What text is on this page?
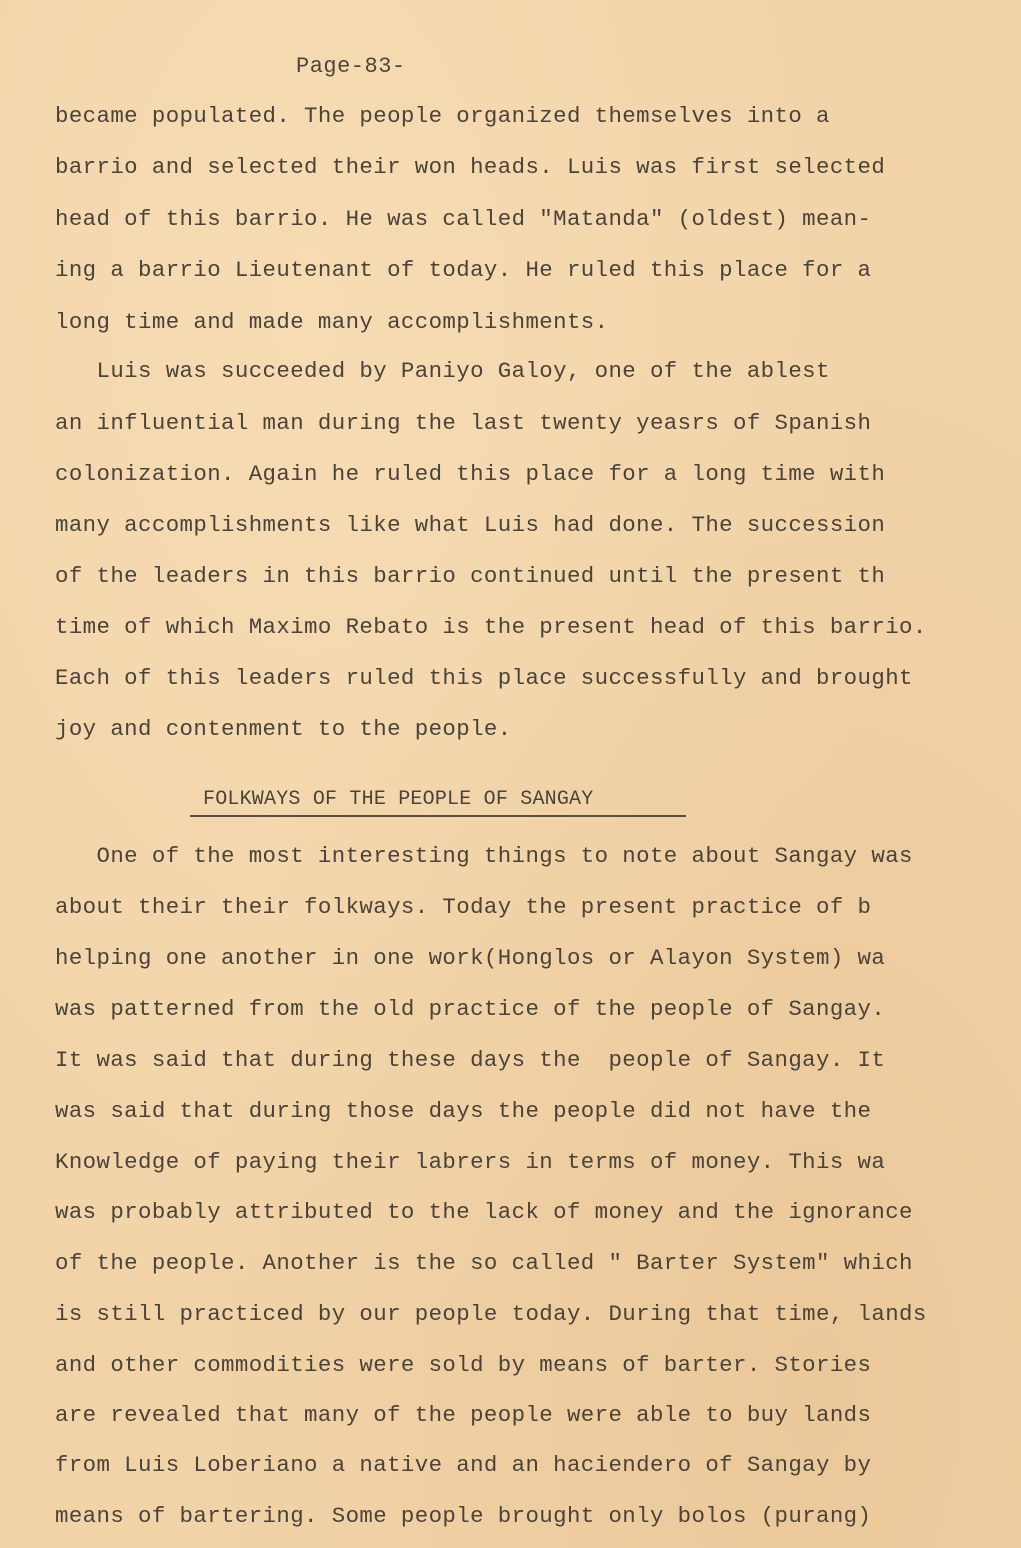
Page-83-
became populated. The people organized themselves into a
barrio and selected their won heads. Luis was first selected
head of this barrio. He was called "Matanda" (oldest) mean-
ing a barrio Lieutenant of today. He ruled this place for a
long time and made many accomplishments.
Luis was succeeded by Paniyo Galoy, one of the ablest
an influential man during the last twenty yeasrs of Spanish
colonization. Again he ruled this place for a long time with
many accomplishments like what Luis had done. The succession
of the leaders in this barrio continued until the present th
time of which Maximo Rebato is the present head of this barrio.
Each of this leaders ruled this place successfully and brought
joy and contenment to the people.
FOLKWAYS OF THE PEOPLE OF SANGAY
One of the most interesting things to note about Sangay was
about their their folkways. Today the present practice of b
helping one another in one work(Honglos or Alayon System) wa
was patterned from the old practice of the people of Sangay.
It was said that during these days the  people of Sangay. It
was said that during those days the people did not have the
Knowledge of paying their labrers in terms of money. This wa
was probably attributed to the lack of money and the ignorance
of the people. Another is the so called " Barter System" which
is still practiced by our people today. During that time, lands
and other commodities were sold by means of barter. Stories
are revealed that many of the people were able to buy lands
from Luis Loberiano a native and an haciendero of Sangay by
means of bartering. Some people brought only bolos (purang)
